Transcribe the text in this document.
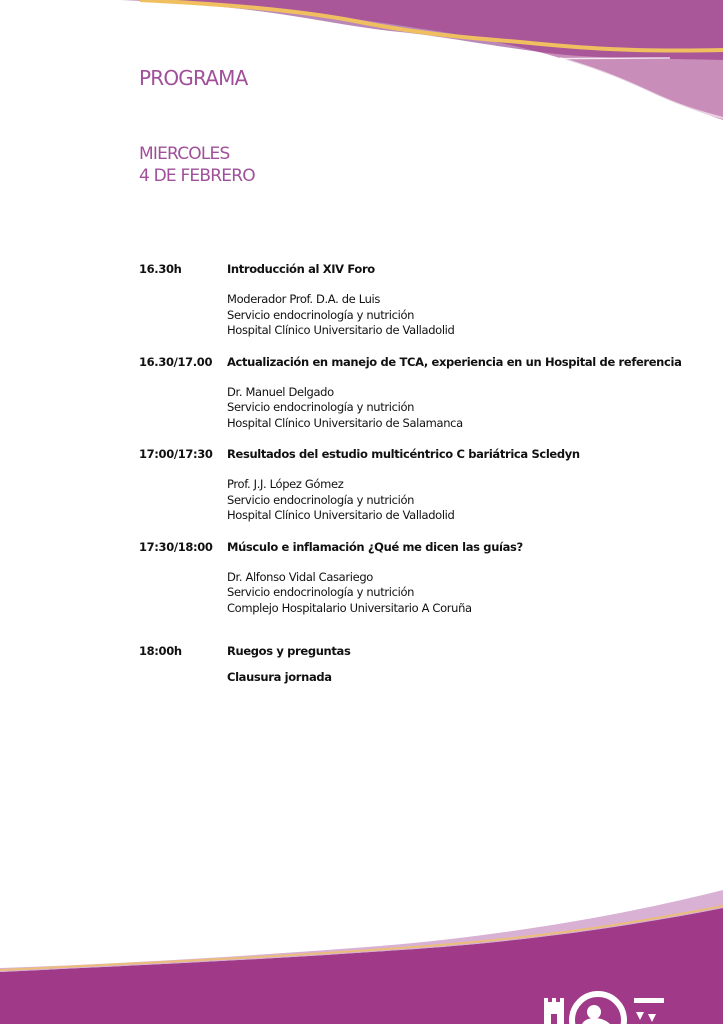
PROGRAMA
MIERCOLES
4 DE FEBRERO
16.30h	Introducción al XIV Foro
Moderador Prof. D.A. de Luis
Servicio endocrinología y nutrición
Hospital Clínico Universitario de Valladolid
16.30/17.00	Actualización en manejo de TCA, experiencia en un Hospital de referencia
Dr. Manuel Delgado
Servicio endocrinología y nutrición
Hospital Clínico Universitario de Salamanca
17:00/17:30	Resultados del estudio multicéntrico C bariátrica Scledyn
Prof. J.J. López Gómez
Servicio endocrinología y nutrición
Hospital Clínico Universitario de Valladolid
17:30/18:00	Músculo e inflamación ¿Qué me dicen las guías?
Dr. Alfonso Vidal Casariego
Servicio endocrinología y nutrición
Complejo Hospitalario Universitario A Coruña
18:00h	Ruegos y preguntas
Clausura jornada
